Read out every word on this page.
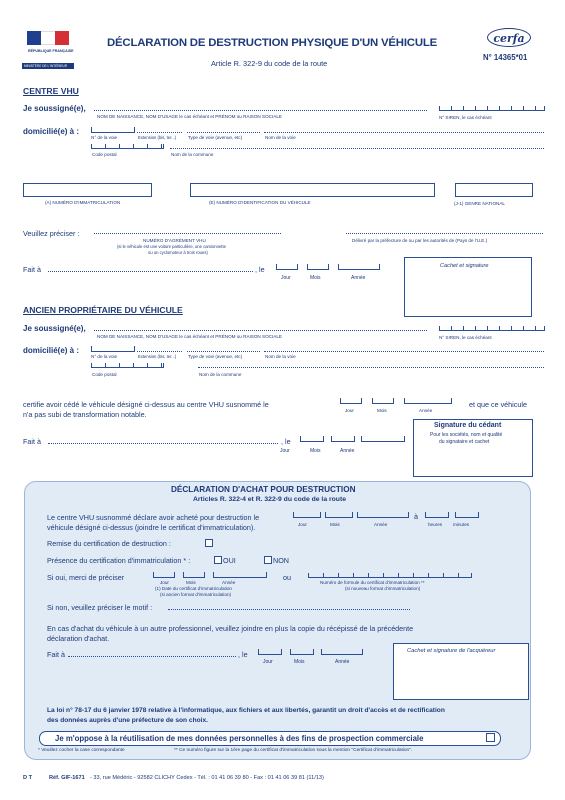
RÉPUBLIQUE FRANÇAISE
MINISTÈRE DE L'INTÉRIEUR
DÉCLARATION DE DESTRUCTION PHYSIQUE D'UN VÉHICULE
Article R. 322-9 du code de la route
cerfa
N° 14365*01
CENTRE VHU
Je soussigné(e),
NOM DE NAISSANCE, NOM D'USAGE le cas échéant et PRÉNOM ou RAISON SOCIALE	N° SIREN, le cas échéant
domicilié(e) à :
N° de la voie	Extension (bis, ter...)	Type de voie (avenue, etc)	Nom de la voie
Code postal	Nom de la commune
(A) NUMÉRO D'IMMATRICULATION	(E) NUMÉRO D'IDENTIFICATION DU VÉHICULE	(J-1) GENRE NATIONAL
Veuillez préciser :
NUMÉRO D'AGRÉMENT VHU
(si le véhicule est une voiture particulière, une camionnette
ou un cyclomoteur à trois roues)
Délivré par la préfecture de ou par les autorités de (Pays de l'U.E.)
Fait à	, le
Jour	Mois	Année
Cachet et signature
ANCIEN PROPRIÉTAIRE DU VÉHICULE
Je soussigné(e),
NOM DE NAISSANCE, NOM D'USAGE le cas échéant et PRÉNOM ou RAISON SOCIALE	N° SIREN, le cas échéant
domicilié(e) à :
N° de la voie	Extension (bis, ter...)	Type de voie (avenue, etc)	Nom de la voie
Code postal	Nom de la commune
certifie avoir cédé le véhicule désigné ci-dessus au centre VHU susnommé le
n'a pas subi de transformation notable.	Jour	Mois	Année
et que ce véhicule
Fait à	, le
Jour	Mois	Année
Signature du cédant
Pour les sociétés, nom et qualité
du signataire et cachet
DÉCLARATION D'ACHAT POUR DESTRUCTION
Articles R. 322-4 et R. 322-9 du code de la route
Le centre VHU susnommé déclare avoir acheté pour destruction le
véhicule désigné ci-dessus (joindre le certificat d'immatriculation).
à
Jour	Mois	Année	heures minutes
Remise du certification de destruction :
Présence du certification d'immatriculation * :	OUI	NON
Si oui, merci de préciser
Jour	Mois	Année
(1) Date du certificat d'immatriculation
(si ancien format d'immatriculation)
ou
Numéro de formule du certificat d'immatriculation **
(si nouveau format d'immatriculation)
Si non, veuillez préciser le motif :
En cas d'achat du véhicule à un autre professionnel, veuillez joindre en plus la copie du récépissé de la précédente
déclaration d'achat.
Fait à	, le
Jour	Mois	Année
Cachet et signature de l'acquéreur
La loi n° 78-17 du 6 janvier 1978 relative à l'informatique, aux fichiers et aux libertés, garantit un droit d'accès et de rectification
des données auprès d'une préfecture de son choix.
Je m'oppose à la réutilisation de mes données personnelles à des fins de prospection commerciale
* Veuillez cocher la case correspondante	** Ce numéro figure sur la 1ère page du certificat d'immatriculation sous la mention "Certificat d'immatriculation".
D T	Réf. GIF-1671 - 33, rue Médéric - 92582 CLICHY Cedex - Tél. : 01 41 06 39 80 - Fax : 01 41 06 39 81 (11/13)
